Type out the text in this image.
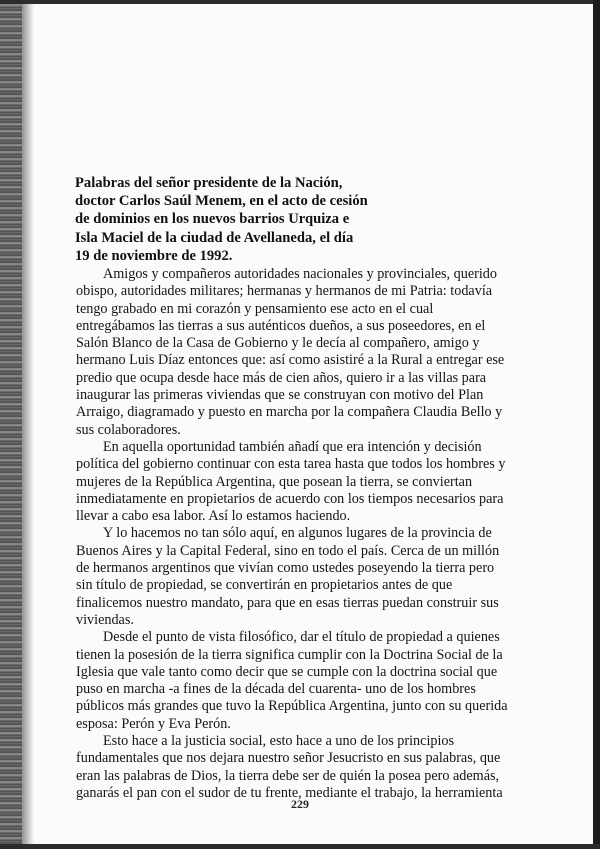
Palabras del señor presidente de la Nación,
doctor Carlos Saúl Menem, en el acto de cesión
de dominios en los nuevos barrios Urquiza e
Isla Maciel de la ciudad de Avellaneda, el día
19 de noviembre de 1992.

Amigos y compañeros autoridades nacionales y provinciales, querido
obispo, autoridades militares; hermanas y hermanos de mi Patria: todavía
tengo grabado en mi corazón y pensamiento ese acto en el cual
entregábamos las tierras a sus auténticos dueños, a sus poseedores, en el
Salón Blanco de la Casa de Gobierno y le decía al compañero, amigo y
hermano Luis Díaz entonces que: así como asistiré a la Rural a entregar ese
predio que ocupa desde hace más de cien años, quiero ir a las villas para
inaugurar las primeras viviendas que se construyan con motivo del Plan
Arraigo, diagramado y puesto en marcha por la compañera Claudia Bello y
sus colaboradores.

En aquella oportunidad también añadí que era intención y decisión
política del gobierno continuar con esta tarea hasta que todos los hombres y
mujeres de la República Argentina, que posean la tierra, se conviertan
inmediatamente en propietarios de acuerdo con los tiempos necesarios para
llevar a cabo esa labor. Así lo estamos haciendo.

Y lo hacemos no tan sólo aquí, en algunos lugares de la provincia de
Buenos Aires y la Capital Federal, sino en todo el país. Cerca de un millón
de hermanos argentinos que vivían como ustedes poseyendo la tierra pero
sin título de propiedad, se convertirán en propietarios antes de que
finalicemos nuestro mandato, para que en esas tierras puedan construir sus
viviendas.

Desde el punto de vista filosófico, dar el título de propiedad a quienes
tienen la posesión de la tierra significa cumplir con la Doctrina Social de la
Iglesia que vale tanto como decir que se cumple con la doctrina social que
puso en marcha -a fines de la década del cuarenta- uno de los hombres
públicos más grandes que tuvo la República Argentina, junto con su querida
esposa: Perón y Eva Perón.

Esto hace a la justicia social, esto hace a uno de los principios
fundamentales que nos dejara nuestro señor Jesucristo en sus palabras, que
eran las palabras de Dios, la tierra debe ser de quién la posea pero además,
ganarás el pan con el sudor de tu frente, mediante el trabajo, la herramienta

229
